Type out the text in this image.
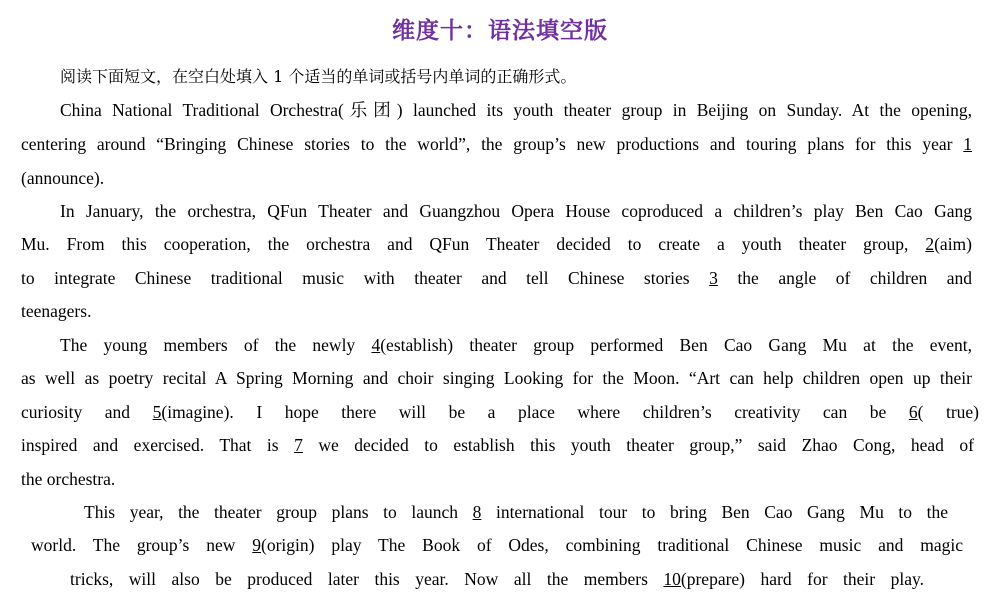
维度十：语法填空版
阅读下面短文，在空白处填入 1 个适当的单词或括号内单词的正确形式。
China National Traditional Orchestra(乐团) launched its youth theater group in Beijing on Sunday. At the opening,
centering around “Bringing Chinese stories to the world”, the group’s new productions and touring plans for this year 1
(announce).
In January, the orchestra, QFun Theater and Guangzhou Opera House coproduced a children’s play Ben Cao Gang
Mu. From this cooperation, the orchestra and QFun Theater decided to create a youth theater group, 2(aim)
to integrate Chinese traditional music with theater and tell Chinese stories 3 the angle of children and
teenagers.
The young members of the newly 4(establish) theater group performed Ben Cao Gang Mu at the event,
as well as poetry recital A Spring Morning and choir singing Looking for the Moon. “Art can help children open up their
curiosity and 5(imagine). I hope there will be a place where children’s creativity can be 6( true)
inspired and exercised. That is 7 we decided to establish this youth theater group,” said Zhao Cong, head of
the orchestra.
This year, the theater group plans to launch 8 international tour to bring Ben Cao Gang Mu to the
world. The group’s new 9(origin) play The Book of Odes, combining traditional Chinese music and magic
tricks, will also be produced later this year. Now all the members 10(prepare) hard for their play.
